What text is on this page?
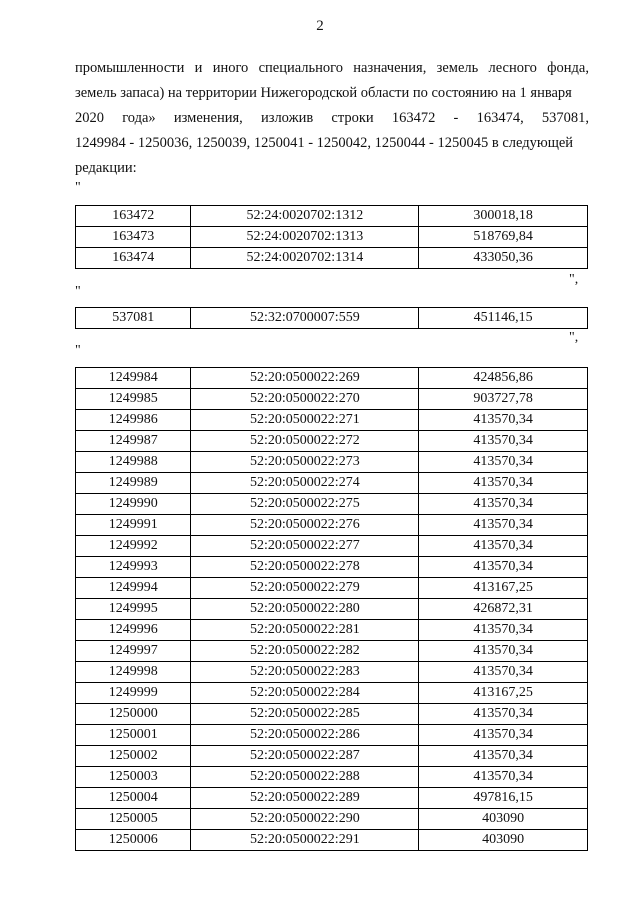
2
промышленности и иного специального назначения, земель лесного фонда,
земель запаса) на территории Нижегородской области по состоянию на 1 января
2020 года» изменения, изложив строки 163472 - 163474, 537081,
1249984 - 1250036, 1250039, 1250041 - 1250042, 1250044 - 1250045 в следующей
редакции:
"
163472	52:24:0020702:1312	300018,18
163473	52:24:0020702:1313	518769,84
163474	52:24:0020702:1314	433050,36
",
"
537081	52:32:0700007:559	451146,15
",
"
1249984	52:20:0500022:269	424856,86
1249985	52:20:0500022:270	903727,78
1249986	52:20:0500022:271	413570,34
1249987	52:20:0500022:272	413570,34
1249988	52:20:0500022:273	413570,34
1249989	52:20:0500022:274	413570,34
1249990	52:20:0500022:275	413570,34
1249991	52:20:0500022:276	413570,34
1249992	52:20:0500022:277	413570,34
1249993	52:20:0500022:278	413570,34
1249994	52:20:0500022:279	413167,25
1249995	52:20:0500022:280	426872,31
1249996	52:20:0500022:281	413570,34
1249997	52:20:0500022:282	413570,34
1249998	52:20:0500022:283	413570,34
1249999	52:20:0500022:284	413167,25
1250000	52:20:0500022:285	413570,34
1250001	52:20:0500022:286	413570,34
1250002	52:20:0500022:287	413570,34
1250003	52:20:0500022:288	413570,34
1250004	52:20:0500022:289	497816,15
1250005	52:20:0500022:290	403090
1250006	52:20:0500022:291	403090
